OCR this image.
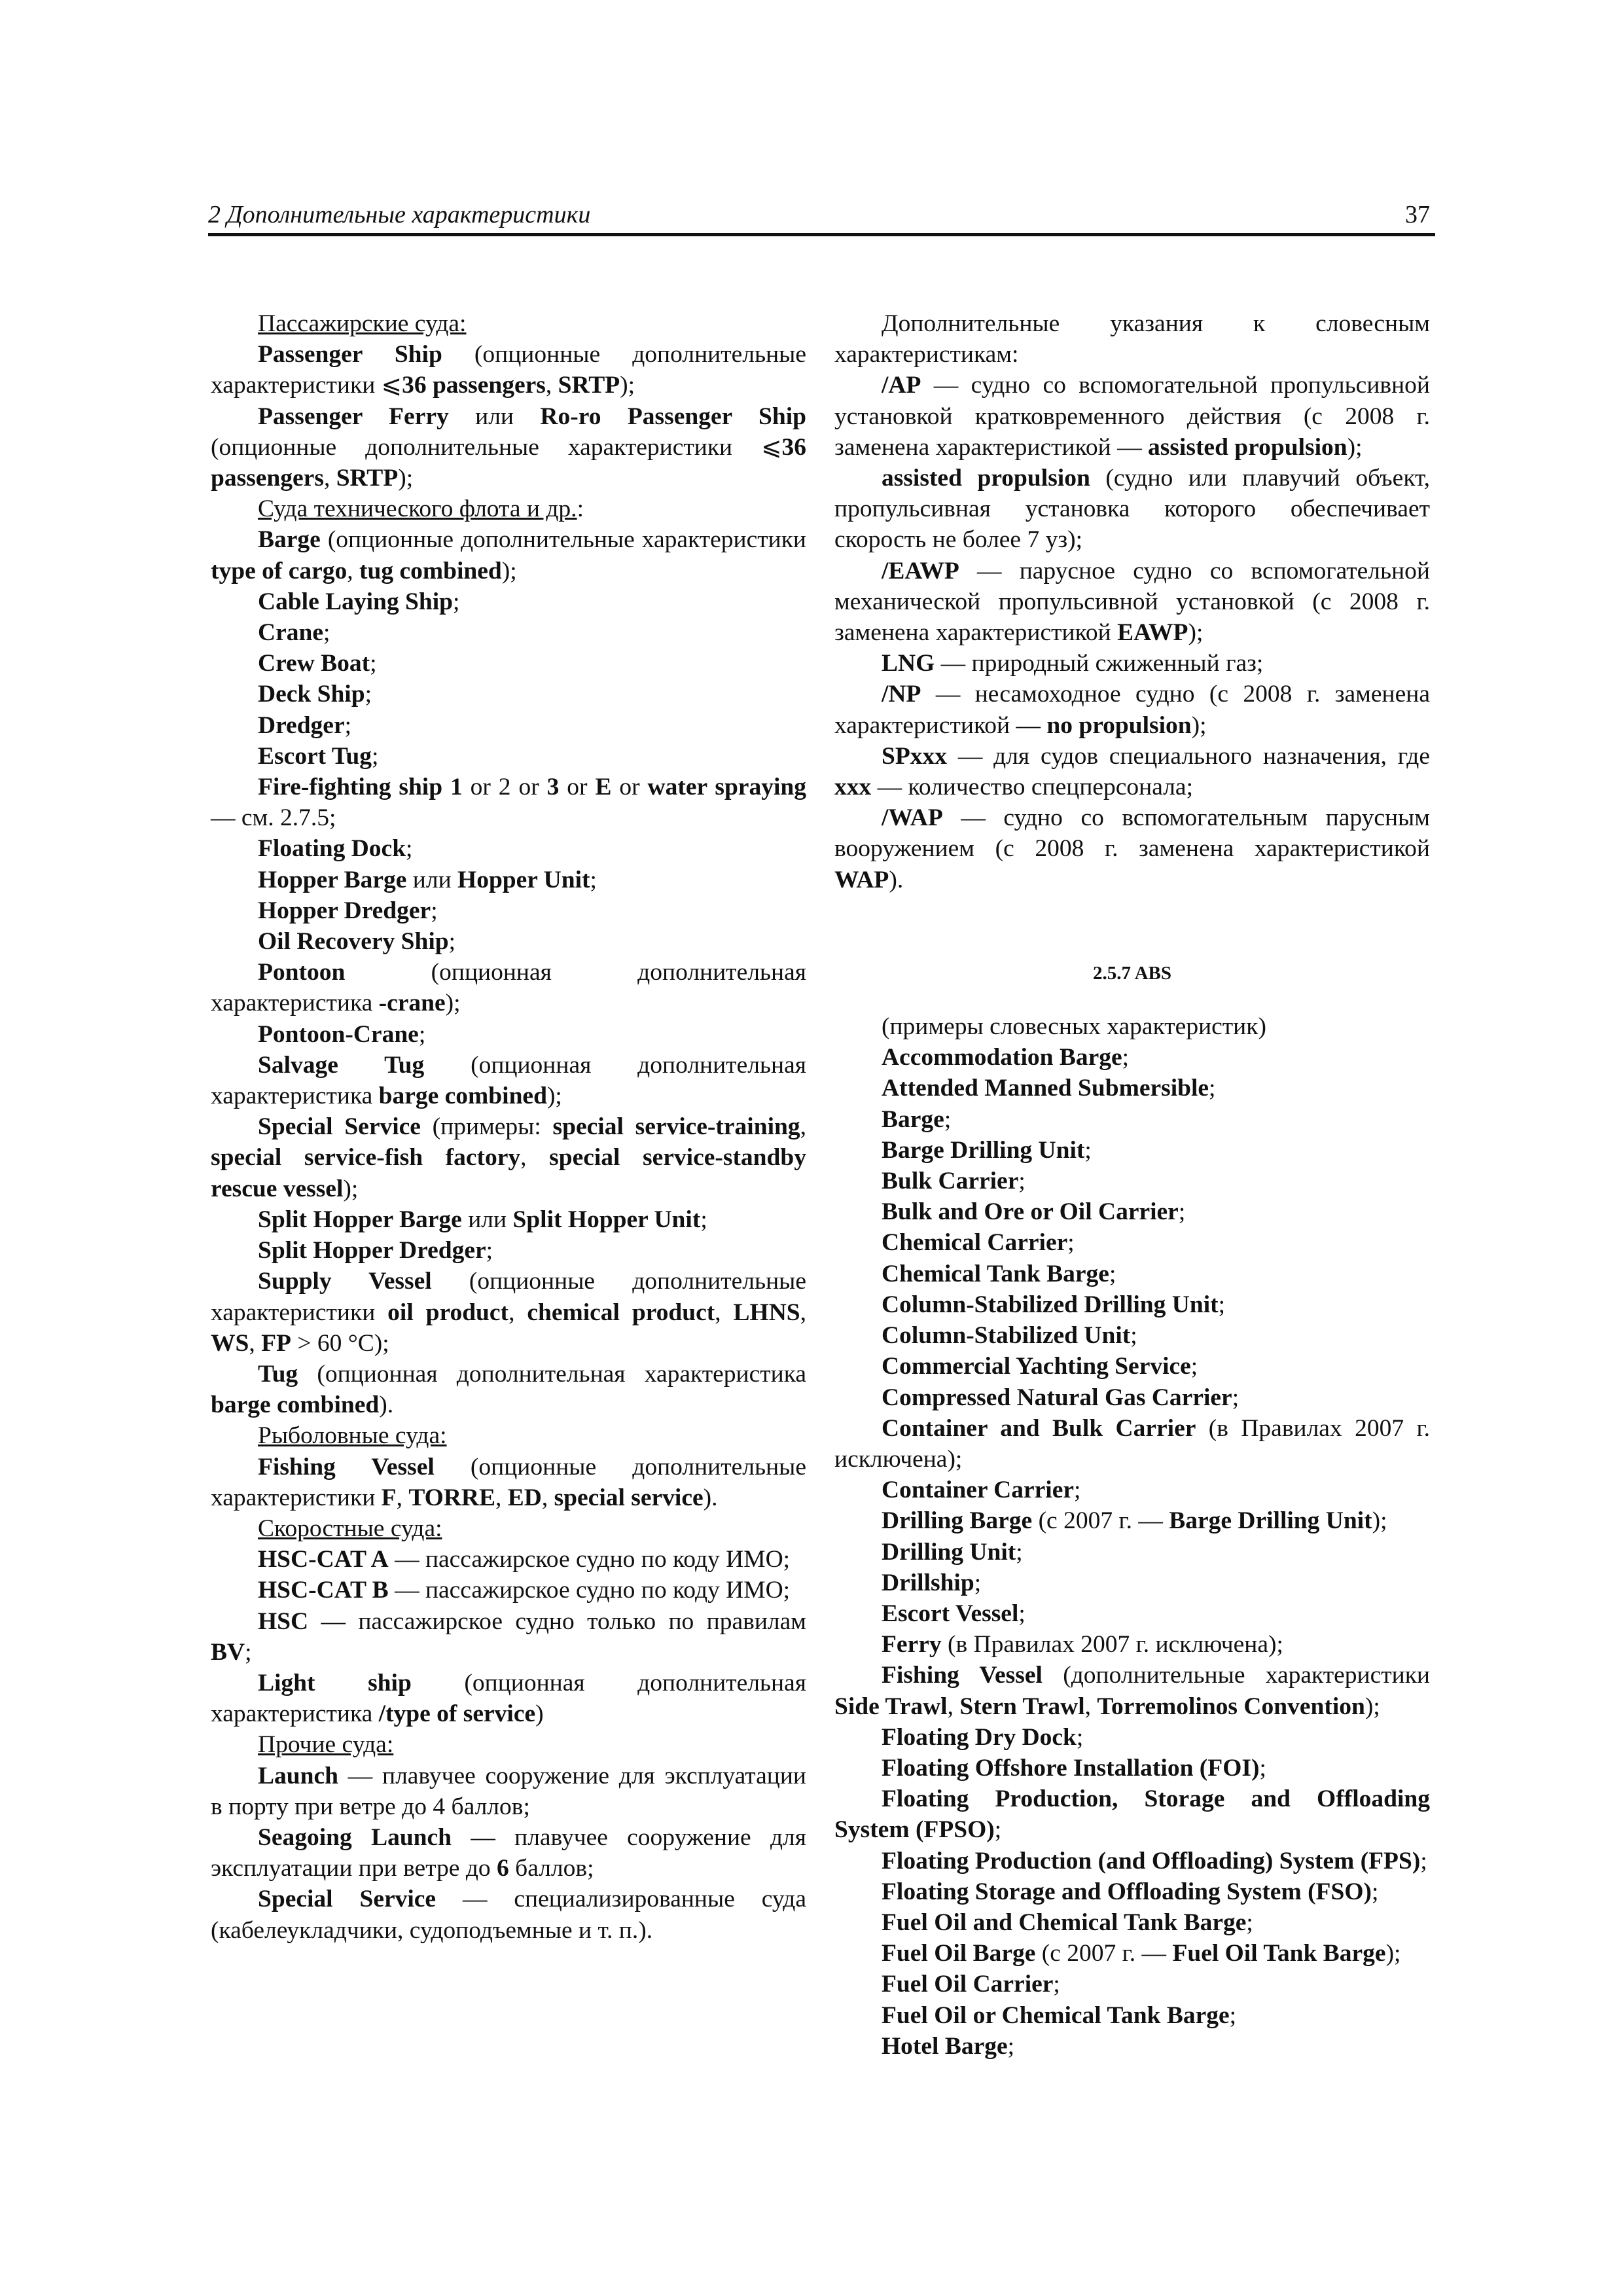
2 Дополнительные характеристики	37

Пассажирские суда:

Passenger Ship (опционные дополнительные характеристики ⩽36 passengers, SRTP);

Passenger Ferry или Ro-ro Passenger Ship (опционные дополнительные характеристики ⩽36 passengers, SRTP);

Суда технического флота и др.:

Barge (опционные дополнительные характеристики type of cargo, tug combined);

Cable Laying Ship;

Crane;

Crew Boat;

Deck Ship;

Dredger;

Escort Tug;

Fire-fighting ship 1 or 2 or 3 or E or water spraying — см. 2.7.5;

Floating Dock;

Hopper Barge или Hopper Unit;

Hopper Dredger;

Oil Recovery Ship;

Pontoon (опционная дополнительная характеристика -crane);

Pontoon-Crane;

Salvage Tug (опционная дополнительная характеристика barge combined);

Special Service (примеры: special service-training, special service-fish factory, special service-standby rescue vessel);

Split Hopper Barge или Split Hopper Unit;

Split Hopper Dredger;

Supply Vessel (опционные дополнительные характеристики oil product, chemical product, LHNS, WS, FP > 60 °C);

Tug (опционная дополнительная характеристика barge combined).

Рыболовные суда:

Fishing Vessel (опционные дополнительные характеристики F, TORRE, ED, special service).

Скоростные суда:

HSC-CAT A — пассажирское судно по коду ИМО;

HSC-CAT B — пассажирское судно по коду ИМО;

HSC — пассажирское судно только по правилам BV;

Light ship (опционная дополнительная характеристика /type of service)

Прочие суда:

Launch — плавучее сооружение для эксплуатации в порту при ветре до 4 баллов;

Seagoing Launch — плавучее сооружение для эксплуатации при ветре до 6 баллов;

Special Service — специализированные суда (кабелеукладчики, судоподъемные и т. п.).

Дополнительные указания к словесным характеристикам:

/AP — судно со вспомогательной пропульсивной установкой кратковременного действия (с 2008 г. заменена характеристикой — assisted propulsion);

assisted propulsion (судно или плавучий объект, пропульсивная установка которого обеспечивает скорость не более 7 уз);

/EAWP — парусное судно со вспомогательной механической пропульсивной установкой (с 2008 г. заменена характеристикой EAWP);

LNG — природный сжиженный газ;

/NP — несамоходное судно (с 2008 г. заменена характеристикой — no propulsion);

SPxxx — для судов специального назначения, где xxx — количество спецперсонала;

/WAP — судно со вспомогательным парусным вооружением (с 2008 г. заменена характеристикой WAP).

2.5.7 ABS

(примеры словесных характеристик)

Accommodation Barge;

Attended Manned Submersible;

Barge;

Barge Drilling Unit;

Bulk Carrier;

Bulk and Ore or Oil Carrier;

Chemical Carrier;

Chemical Tank Barge;

Column-Stabilized Drilling Unit;

Column-Stabilized Unit;

Commercial Yachting Service;

Compressed Natural Gas Carrier;

Container and Bulk Carrier (в Правилах 2007 г. исключена);

Container Carrier;

Drilling Barge (с 2007 г. — Barge Drilling Unit);

Drilling Unit;

Drillship;

Escort Vessel;

Ferry (в Правилах 2007 г. исключена);

Fishing Vessel (дополнительные характеристики Side Trawl, Stern Trawl, Torremolinos Convention);

Floating Dry Dock;

Floating Offshore Installation (FOI);

Floating Production, Storage and Offloading System (FPSO);

Floating Production (and Offloading) System (FPS);

Floating Storage and Offloading System (FSO);

Fuel Oil and Chemical Tank Barge;

Fuel Oil Barge (с 2007 г. — Fuel Oil Tank Barge);

Fuel Oil Carrier;

Fuel Oil or Chemical Tank Barge;

Hotel Barge;
